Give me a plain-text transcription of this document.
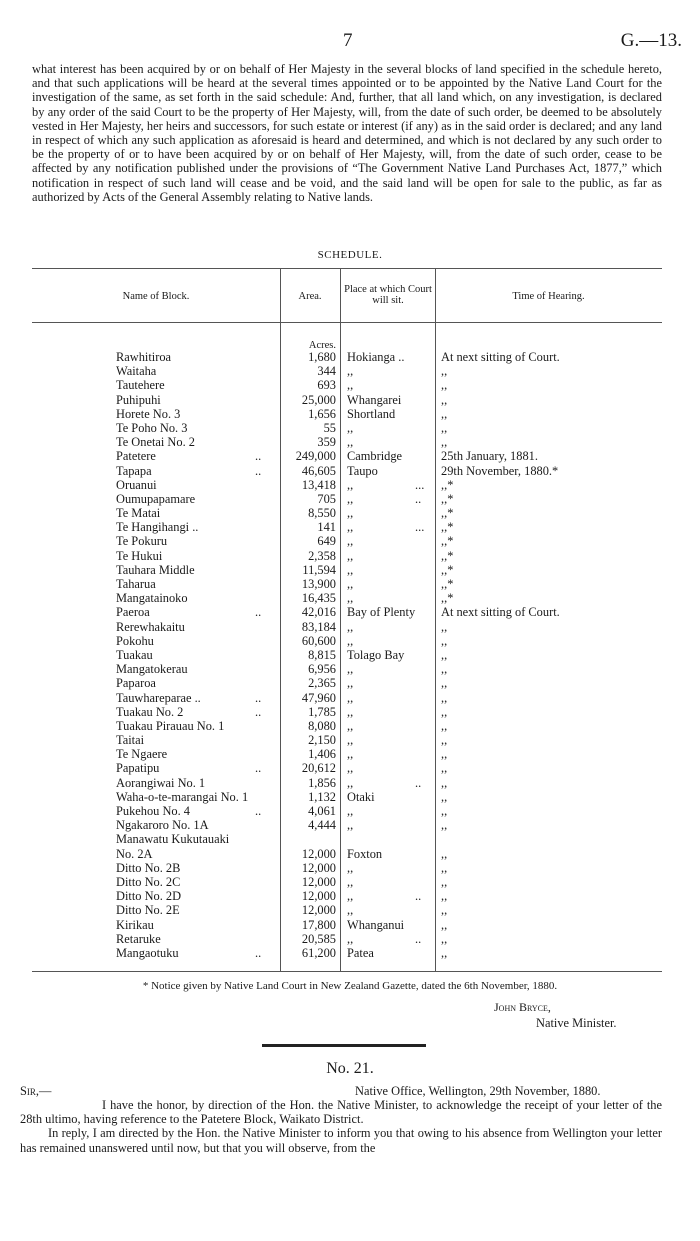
7	G.—13.
what interest has been acquired by or on behalf of Her Majesty in the several blocks of land specified in the schedule hereto, and that such applications will be heard at the several times appointed or to be appointed by the Native Land Court for the investigation of the same, as set forth in the said schedule: And, further, that all land which, on any investigation, is declared by any order of the said Court to be the property of Her Majesty, will, from the date of such order, be deemed to be absolutely vested in Her Majesty, her heirs and successors, for such estate or interest (if any) as in the said order is declared; and any land in respect of which any such application as aforesaid is heard and determined, and which is not declared by any such order to be the property of or to have been acquired by or on behalf of Her Majesty, will, from the date of such order, cease to be affected by any notification published under the provisions of “The Government Native Land Purchases Act, 1877,” which notification in respect of such land will cease and be void, and the said land will be open for sale to the public, as far as authorized by Acts of the General Assembly relating to Native lands.
SCHEDULE.
Name of Block.	Area.
Place at which Court will sit.	Time of Hearing.
Acres.
Rawhitiroa	1,680 Hokianga ..	At next sitting of Court.
Waitaha	344 ,,	,,
Tautehere	693 ,,	,,
Puhipuhi	25,000 Whangarei	,,
Horete No. 3	1,656 Shortland	,,
Te Poho No. 3	55 ,,	,,
Te Onetai No. 2	359 ,,	,,
Patetere	249,000 Cambridge	25th January, 1881.
..
Tapapa	46,605 Taupo	29th November, 1880.*
..
Oruanui	13,418 ,,	,,*
...
Oumupapamare	705 ,,	,,*
..
Te Matai	8,550 ,,	,,*
Te Hangihangi ..	141 ,,	,,*
...
Te Pokuru	649 ,,	,,*
Te Hukui	2,358 ,,	,,*
Tauhara Middle	11,594 ,,	,,*
Taharua	13,900 ,,	,,*
Mangatainoko	16,435 ,,	,,*
Paeroa	42,016 Bay of Plenty	At next sitting of Court.
..
Rerewhakaitu	83,184 ,,	,,
Pokohu	60,600 ,,	,,
Tuakau	8,815 Tolago Bay	,,
Mangatokerau	6,956 ,,	,,
Paparoa	2,365 ,,	,,
Tauwhareparae ..	47,960 ,,	,,
..
Tuakau No. 2	1,785 ,,	,,
..
Tuakau Pirauau No. 1	8,080 ,,	,,
Taitai	2,150 ,,	,,
Te Ngaere	1,406 ,,	,,
Papatipu	20,612 ,,	,,
..
Aorangiwai No. 1	1,856 ,,	,,
..
Waha-o-te-marangai No. 1	1,132 Otaki	,,
Pukehou No. 4	4,061 ,,	,,
..
Ngakaroro No. 1A	4,444 ,,	,,
Manawatu Kukutauaki
No. 2A	12,000 Foxton	,,
Ditto No. 2B	12,000 ,,	,,
Ditto No. 2C	12,000 ,,	,,
Ditto No. 2D	12,000 ,,	,,
..
Ditto No. 2E	12,000 ,,	,,
Kirikau	17,800 Whanganui	,,
Retaruke	20,585 ,,	,,
..
Mangaotuku	61,200 Patea	,,
..
* Notice given by Native Land Court in New Zealand Gazette, dated the 6th November, 1880.
John Bryce,
Native Minister.
No. 21.
Sir,—	Native Office, Wellington, 29th November, 1880.

I have the honor, by direction of the Hon. the Native Minister, to acknowledge the receipt of your letter of the 28th ultimo, having reference to the Patetere Block, Waikato District.

In reply, I am directed by the Hon. the Native Minister to inform you that owing to his absence from Wellington your letter has remained unanswered until now, but that you will observe, from the
